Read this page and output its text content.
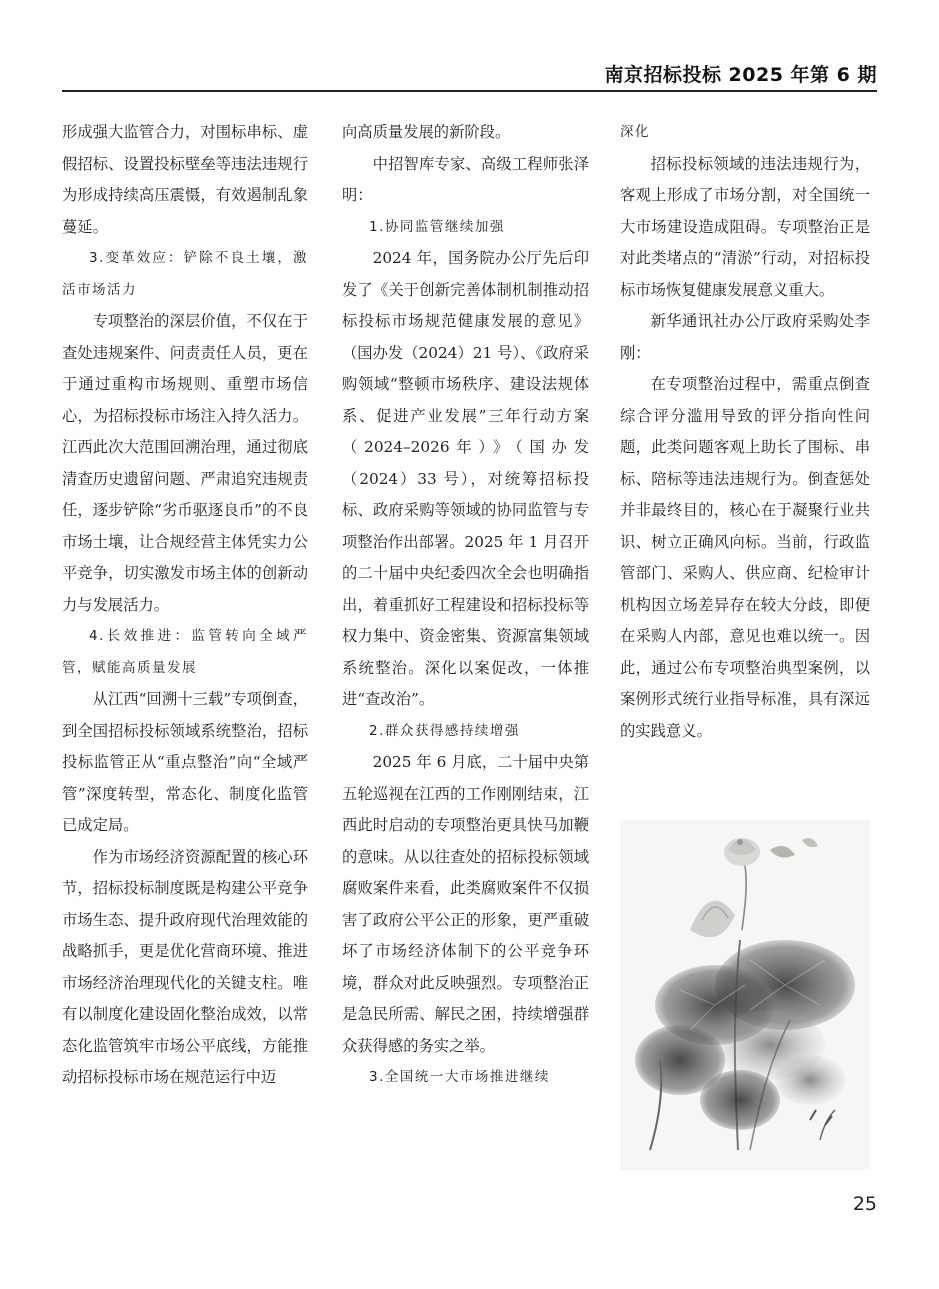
南京招标投标 2025 年第 6 期

形成强大监管合力，对围标串标、虚假招标、设置投标壁垒等违法违规行为形成持续高压震慑，有效遏制乱象蔓延。

3.变革效应：铲除不良土壤，激活市场活力

专项整治的深层价值，不仅在于查处违规案件、问责责任人员，更在于通过重构市场规则、重塑市场信心，为招标投标市场注入持久活力。江西此次大范围回溯治理，通过彻底清查历史遗留问题、严肃追究违规责任，逐步铲除“劣币驱逐良币”的不良市场土壤，让合规经营主体凭实力公平竞争，切实激发市场主体的创新动力与发展活力。

4.长效推进：监管转向全域严管，赋能高质量发展

从江西“回溯十三载”专项倒查，到全国招标投标领域系统整治，招标投标监管正从“重点整治”向“全域严管”深度转型，常态化、制度化监管已成定局。

作为市场经济资源配置的核心环节，招标投标制度既是构建公平竞争市场生态、提升政府现代治理效能的战略抓手，更是优化营商环境、推进市场经济治理现代化的关键支柱。唯有以制度化建设固化整治成效，以常态化监管筑牢市场公平底线，方能推动招标投标市场在规范运行中迈

向高质量发展的新阶段。

中招智库专家、高级工程师张泽明：

1.协同监管继续加强

2024 年，国务院办公厅先后印发了《关于创新完善体制机制推动招标投标市场规范健康发展的意见》（国办发（2024）21 号）、《政府采购领域“整顿市场秩序、建设法规体系、促进产业发展”三年行动方案（2024–2026年）》（国办发（2024）33 号），对统筹招标投标、政府采购等领域的协同监管与专项整治作出部署。2025 年 1 月召开的二十届中央纪委四次全会也明确指出，着重抓好工程建设和招标投标等权力集中、资金密集、资源富集领域系统整治。深化以案促改，一体推进“查改治”。

2.群众获得感持续增强

2025 年 6 月底，二十届中央第五轮巡视在江西的工作刚刚结束，江西此时启动的专项整治更具快马加鞭的意味。从以往查处的招标投标领域腐败案件来看，此类腐败案件不仅损害了政府公平公正的形象，更严重破坏了市场经济体制下的公平竞争环境，群众对此反映强烈。专项整治正是急民所需、解民之困，持续增强群众获得感的务实之举。

3.全国统一大市场推进继续

深化

招标投标领域的违法违规行为，客观上形成了市场分割，对全国统一大市场建设造成阻碍。专项整治正是对此类堵点的“清淤”行动，对招标投标市场恢复健康发展意义重大。

新华通讯社办公厅政府采购处李刚：

在专项整治过程中，需重点倒查综合评分滥用导致的评分指向性问题，此类问题客观上助长了围标、串标、陪标等违法违规行为。倒查惩处并非最终目的，核心在于凝聚行业共识、树立正确风向标。当前，行政监管部门、采购人、供应商、纪检审计机构因立场差异存在较大分歧，即便在采购人内部，意见也难以统一。因此，通过公布专项整治典型案例，以案例形式统行业指导标准，具有深远的实践意义。

25
